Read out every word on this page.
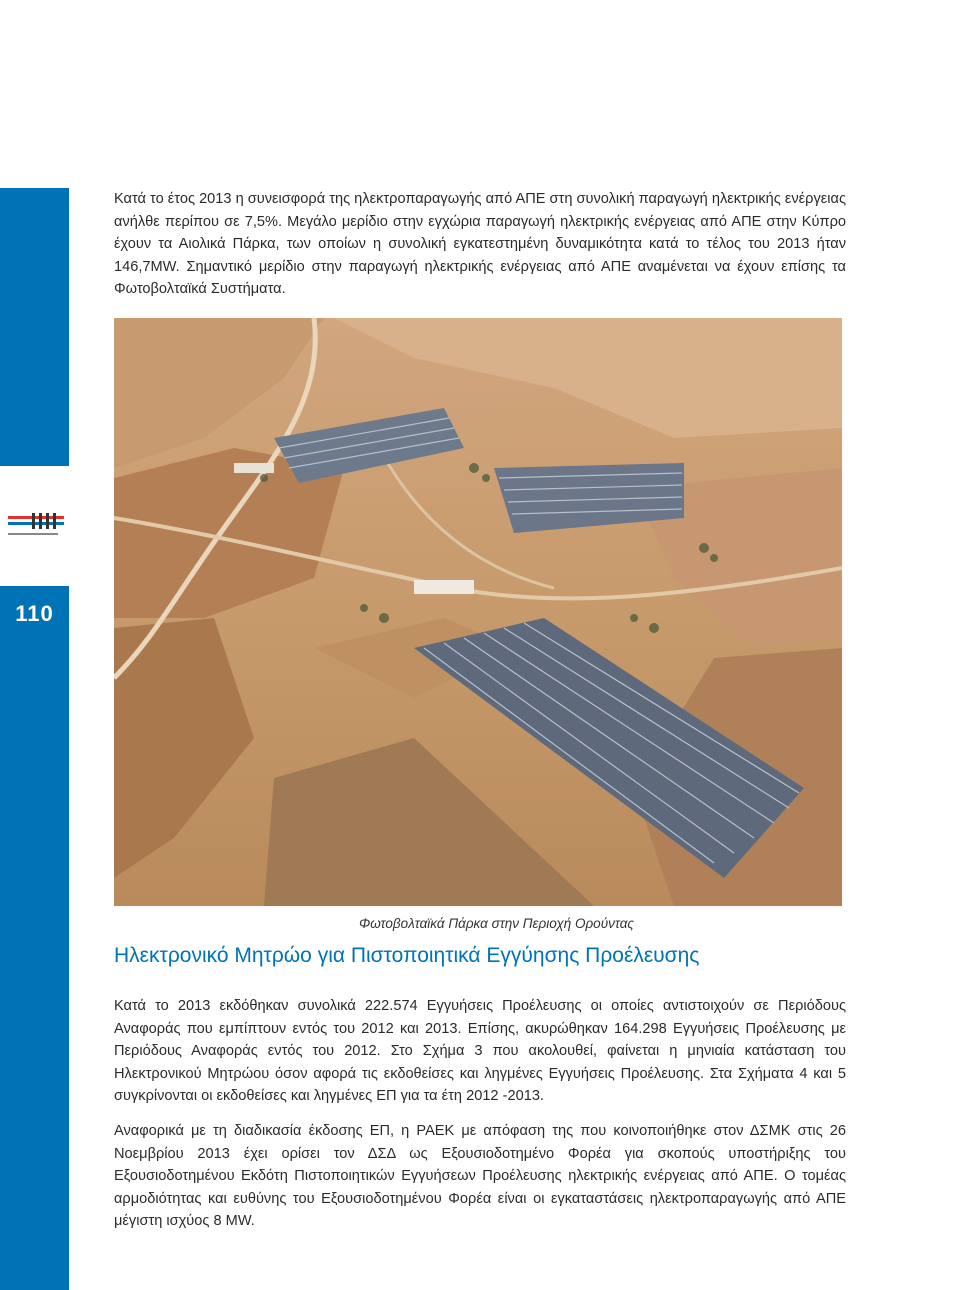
110

Κατά το έτος 2013 η συνεισφορά της ηλεκτροπαραγωγής από ΑΠΕ στη συνολική παραγωγή ηλεκτρικής ενέργειας ανήλθε περίπου σε 7,5%. Μεγάλο μερίδιο στην εγχώρια παραγωγή ηλεκτρικής ενέργειας από ΑΠΕ στην Κύπρο έχουν τα Αιολικά Πάρκα, των οποίων η συνολική εγκατεστημένη δυναμικότητα κατά το τέλος του 2013 ήταν 146,7MW. Σημαντικό μερίδιο στην παραγωγή ηλεκτρικής ενέργειας από ΑΠΕ αναμένεται να έχουν επίσης τα Φωτοβολταϊκά Συστήματα.

Φωτοβολταϊκά Πάρκα στην Περιοχή Ορούντας
Ηλεκτρονικό Μητρώο για Πιστοποιητικά Εγγύησης Προέλευσης

Κατά το 2013 εκδόθηκαν συνολικά 222.574 Εγγυήσεις Προέλευσης οι οποίες αντιστοιχούν σε Περιόδους Αναφοράς που εμπίπτουν εντός του 2012 και 2013. Επίσης, ακυρώθηκαν 164.298 Εγγυήσεις Προέλευσης με Περιόδους Αναφοράς εντός του 2012. Στο Σχήμα 3 που ακολουθεί, φαίνεται η μηνιαία κατάσταση του Ηλεκτρονικού Μητρώου όσον αφορά τις εκδοθείσες και ληγμένες Εγγυήσεις Προέλευσης. Στα Σχήματα 4 και 5 συγκρίνονται οι εκδοθείσες και ληγμένες ΕΠ για τα έτη 2012 -2013.

Αναφορικά με τη διαδικασία έκδοσης ΕΠ, η ΡΑΕΚ με απόφαση της που κοινοποιήθηκε στον ΔΣΜΚ στις 26 Νοεμβρίου 2013 έχει ορίσει τον ΔΣΔ ως Εξουσιοδοτημένο Φορέα για σκοπούς υποστήριξης του Εξουσιοδοτημένου Εκδότη Πιστοποιητικών Εγγυήσεων Προέλευσης ηλεκτρικής ενέργειας από ΑΠΕ. Ο τομέας αρμοδιότητας και ευθύνης του Εξουσιοδοτημένου Φορέα είναι οι εγκαταστάσεις ηλεκτροπαραγωγής από ΑΠΕ μέγιστη ισχύος 8 MW.
